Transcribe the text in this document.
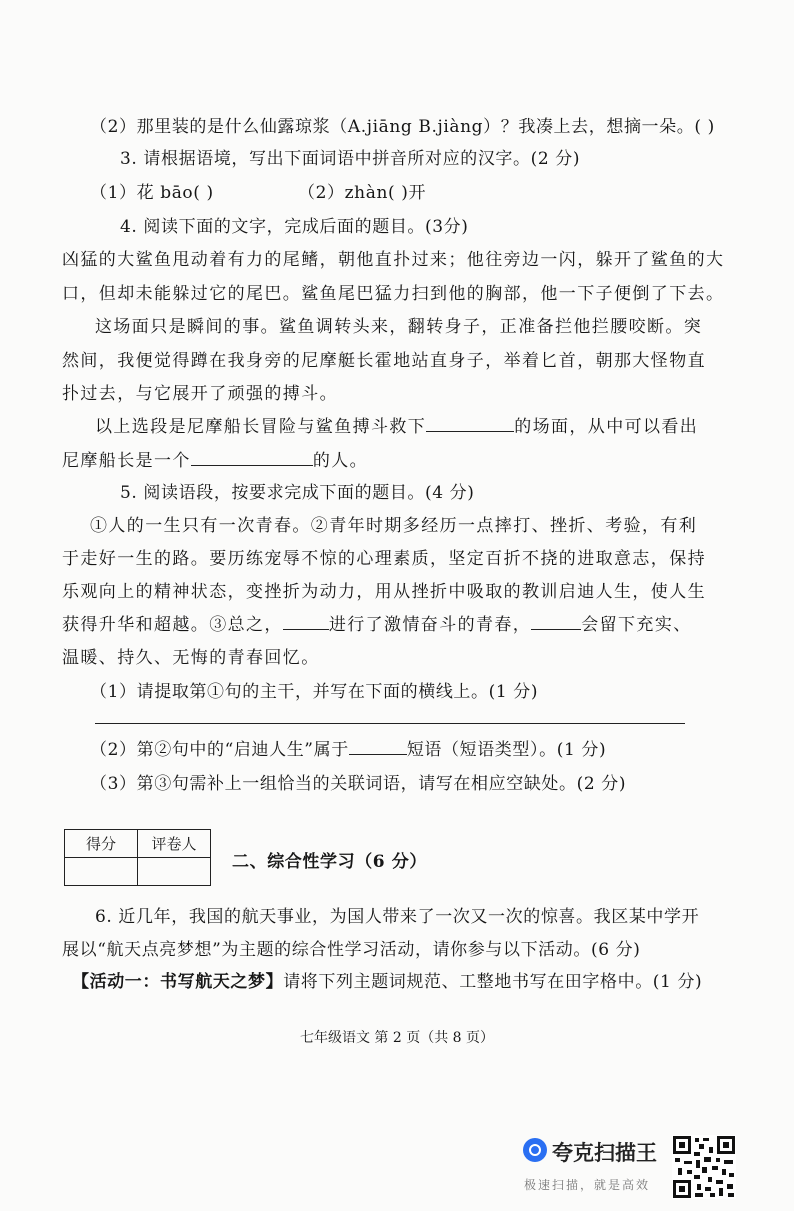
（2）那里装的是什么仙露琼浆（A.jiāng B.jiàng）？我凑上去，想摘一朵。( )
3. 请根据语境，写出下面词语中拼音所对应的汉字。(2 分)
（1）花 bāo( )	（2）zhàn( )开
4. 阅读下面的文字，完成后面的题目。(3分)
凶猛的大鲨鱼甩动着有力的尾鳍，朝他直扑过来；他往旁边一闪，躲开了鲨鱼的大
口，但却未能躲过它的尾巴。鲨鱼尾巴猛力扫到他的胸部，他一下子便倒了下去。
这场面只是瞬间的事。鲨鱼调转头来，翻转身子，正准备拦他拦腰咬断。突
然间，我便觉得蹲在我身旁的尼摩艇长霍地站直身子，举着匕首，朝那大怪物直
扑过去，与它展开了顽强的搏斗。
以上选段是尼摩船长冒险与鲨鱼搏斗救下	的场面，从中可以看出
尼摩船长是一个	的人。
5. 阅读语段，按要求完成下面的题目。(4 分)
①人的一生只有一次青春。②青年时期多经历一点摔打、挫折、考验，有利
于走好一生的路。要历练宠辱不惊的心理素质，坚定百折不挠的进取意志，保持
乐观向上的精神状态，变挫折为动力，用从挫折中吸取的教训启迪人生，使人生
获得升华和超越。③总之，	进行了激情奋斗的青春，	会留下充实、
温暖、持久、无悔的青春回忆。
（1）请提取第①句的主干，并写在下面的横线上。(1 分)
（2）第②句中的“启迪人生”属于	短语（短语类型）。(1 分)
（3）第③句需补上一组恰当的关联词语，请写在相应空缺处。(2 分)
得分	评卷人

二、综合性学习（6 分）
6. 近几年，我国的航天事业，为国人带来了一次又一次的惊喜。我区某中学开
展以“航天点亮梦想”为主题的综合性学习活动，请你参与以下活动。(6 分)
【活动一：书写航天之梦】请将下列主题词规范、工整地书写在田字格中。(1 分)
七年级语文 第 2 页（共 8 页）
夸克扫描王
极速扫描，就是高效
